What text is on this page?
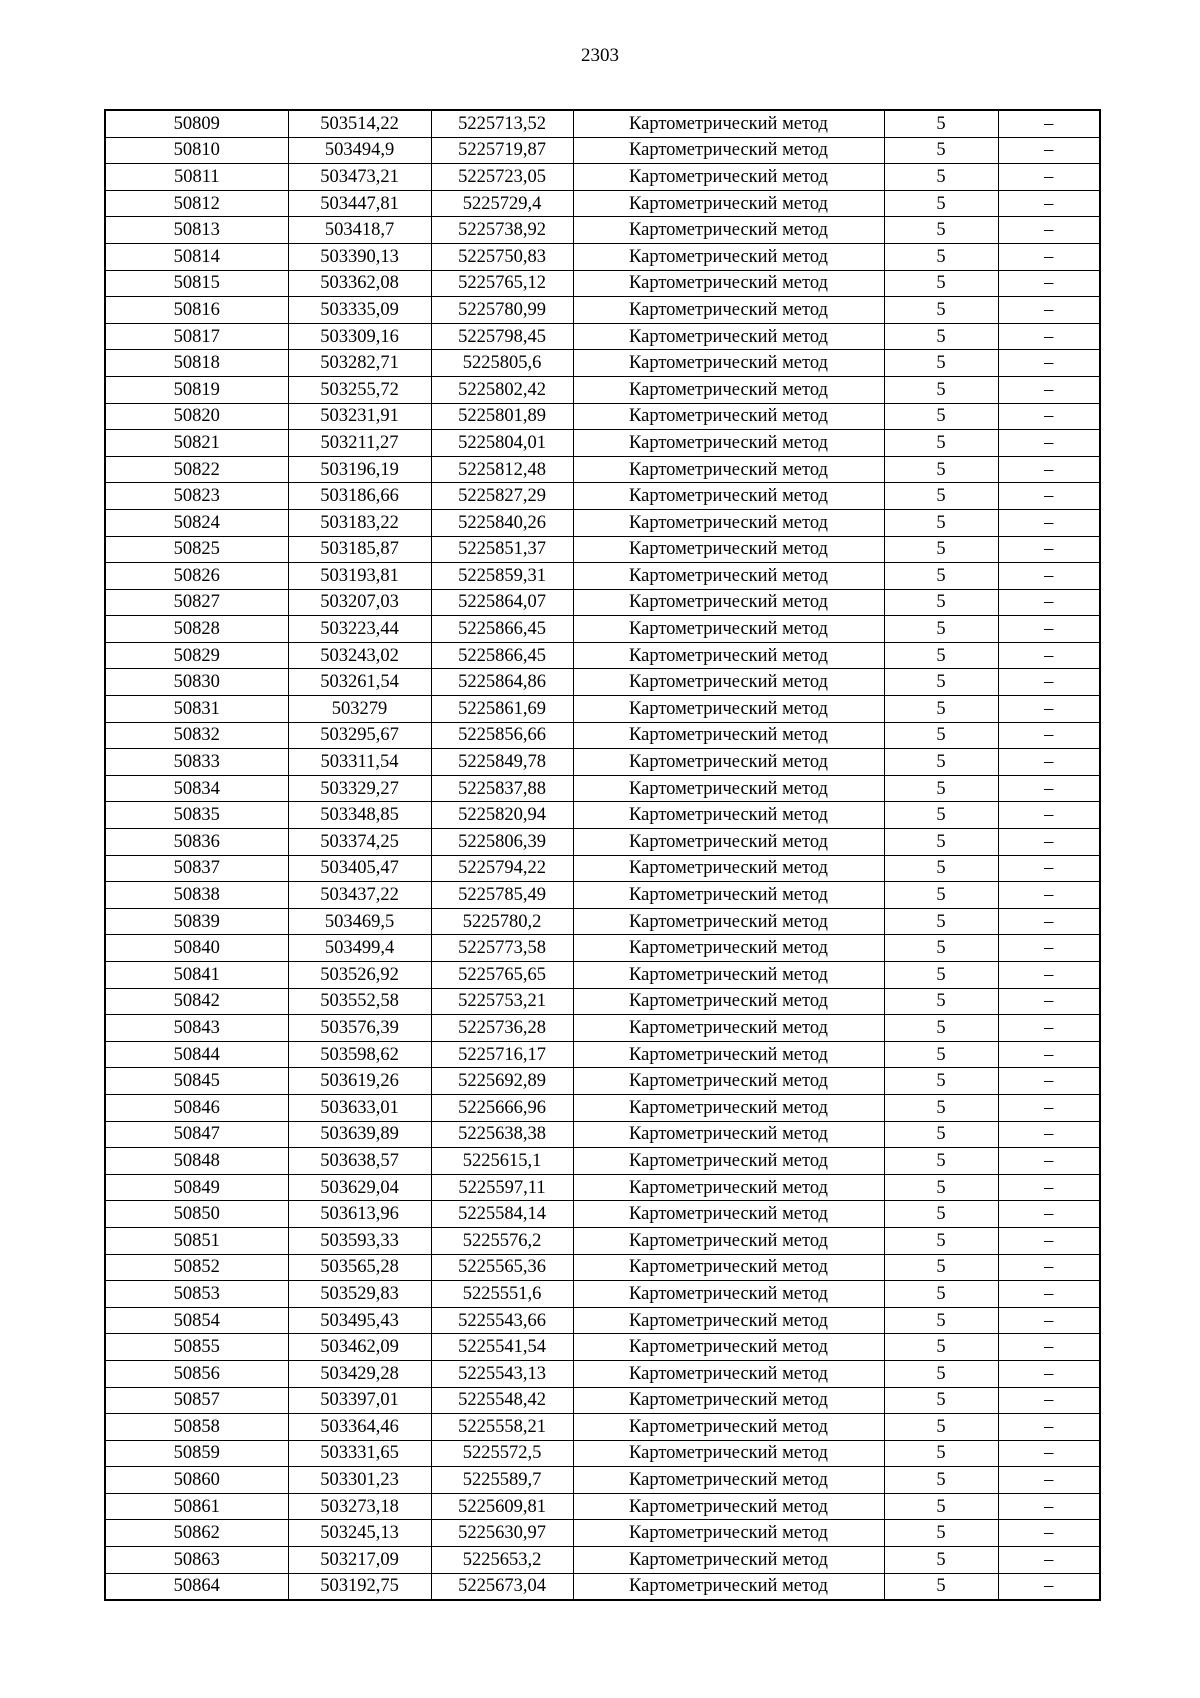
2303
50809	503514,22	5225713,52	Картометрический метод	5	–
50810	503494,9	5225719,87	Картометрический метод	5	–
50811	503473,21	5225723,05	Картометрический метод	5	–
50812	503447,81	5225729,4	Картометрический метод	5	–
50813	503418,7	5225738,92	Картометрический метод	5	–
50814	503390,13	5225750,83	Картометрический метод	5	–
50815	503362,08	5225765,12	Картометрический метод	5	–
50816	503335,09	5225780,99	Картометрический метод	5	–
50817	503309,16	5225798,45	Картометрический метод	5	–
50818	503282,71	5225805,6	Картометрический метод	5	–
50819	503255,72	5225802,42	Картометрический метод	5	–
50820	503231,91	5225801,89	Картометрический метод	5	–
50821	503211,27	5225804,01	Картометрический метод	5	–
50822	503196,19	5225812,48	Картометрический метод	5	–
50823	503186,66	5225827,29	Картометрический метод	5	–
50824	503183,22	5225840,26	Картометрический метод	5	–
50825	503185,87	5225851,37	Картометрический метод	5	–
50826	503193,81	5225859,31	Картометрический метод	5	–
50827	503207,03	5225864,07	Картометрический метод	5	–
50828	503223,44	5225866,45	Картометрический метод	5	–
50829	503243,02	5225866,45	Картометрический метод	5	–
50830	503261,54	5225864,86	Картометрический метод	5	–
50831	503279	5225861,69	Картометрический метод	5	–
50832	503295,67	5225856,66	Картометрический метод	5	–
50833	503311,54	5225849,78	Картометрический метод	5	–
50834	503329,27	5225837,88	Картометрический метод	5	–
50835	503348,85	5225820,94	Картометрический метод	5	–
50836	503374,25	5225806,39	Картометрический метод	5	–
50837	503405,47	5225794,22	Картометрический метод	5	–
50838	503437,22	5225785,49	Картометрический метод	5	–
50839	503469,5	5225780,2	Картометрический метод	5	–
50840	503499,4	5225773,58	Картометрический метод	5	–
50841	503526,92	5225765,65	Картометрический метод	5	–
50842	503552,58	5225753,21	Картометрический метод	5	–
50843	503576,39	5225736,28	Картометрический метод	5	–
50844	503598,62	5225716,17	Картометрический метод	5	–
50845	503619,26	5225692,89	Картометрический метод	5	–
50846	503633,01	5225666,96	Картометрический метод	5	–
50847	503639,89	5225638,38	Картометрический метод	5	–
50848	503638,57	5225615,1	Картометрический метод	5	–
50849	503629,04	5225597,11	Картометрический метод	5	–
50850	503613,96	5225584,14	Картометрический метод	5	–
50851	503593,33	5225576,2	Картометрический метод	5	–
50852	503565,28	5225565,36	Картометрический метод	5	–
50853	503529,83	5225551,6	Картометрический метод	5	–
50854	503495,43	5225543,66	Картометрический метод	5	–
50855	503462,09	5225541,54	Картометрический метод	5	–
50856	503429,28	5225543,13	Картометрический метод	5	–
50857	503397,01	5225548,42	Картометрический метод	5	–
50858	503364,46	5225558,21	Картометрический метод	5	–
50859	503331,65	5225572,5	Картометрический метод	5	–
50860	503301,23	5225589,7	Картометрический метод	5	–
50861	503273,18	5225609,81	Картометрический метод	5	–
50862	503245,13	5225630,97	Картометрический метод	5	–
50863	503217,09	5225653,2	Картометрический метод	5	–
50864	503192,75	5225673,04	Картометрический метод	5	–
